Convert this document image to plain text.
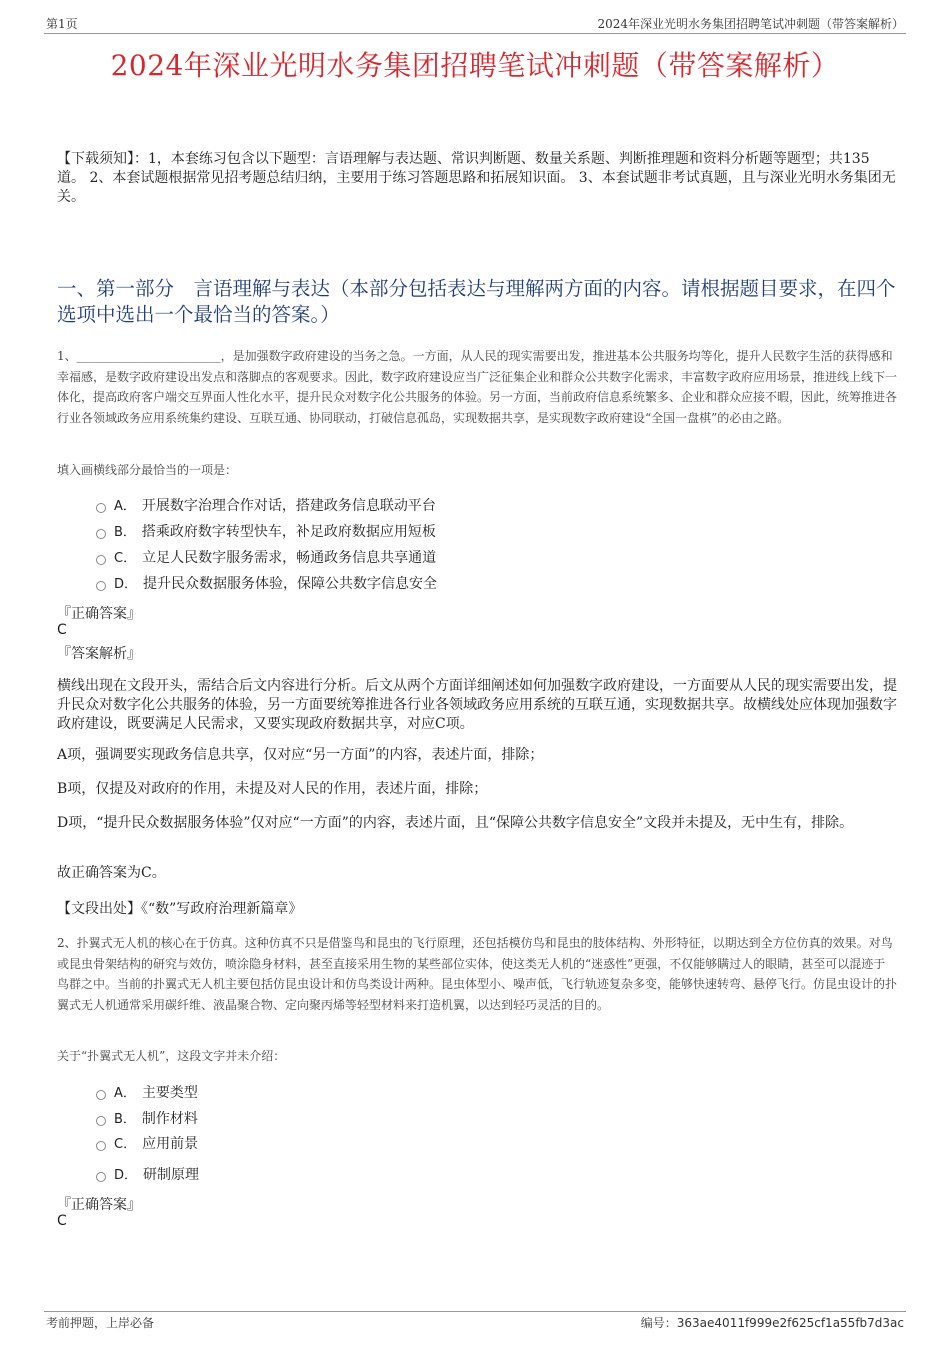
第1页	2024年深业光明水务集团招聘笔试冲刺题（带答案解析）
2024年深业光明水务集团招聘笔试冲刺题（带答案解析）
【下载须知】：1，本套练习包含以下题型：言语理解与表达题、常识判断题、数量关系题、判断推理题和资料分析题等题型；共135道。 2、本套试题根据常见招考题总结归纳，主要用于练习答题思路和拓展知识面。 3、本套试题非考试真题，且与深业光明水务集团无关。
一、第一部分　言语理解与表达（本部分包括表达与理解两方面的内容。请根据题目要求，在四个选项中选出一个最恰当的答案。）
1、________________________，是加强数字政府建设的当务之急。一方面，从人民的现实需要出发，推进基本公共服务均等化，提升人民数字生活的获得感和幸福感，是数字政府建设出发点和落脚点的客观要求。因此，数字政府建设应当广泛征集企业和群众公共数字化需求，丰富数字政府应用场景，推进线上线下一体化，提高政府客户端交互界面人性化水平，提升民众对数字化公共服务的体验。另一方面，当前政府信息系统繁多、企业和群众应接不暇，因此，统筹推进各行业各领域政务应用系统集约建设、互联互通、协同联动，打破信息孤岛，实现数据共享，是实现数字政府建设“全国一盘棋”的必由之路。
填入画横线部分最恰当的一项是：
A． 开展数字治理合作对话，搭建政务信息联动平台
B． 搭乘政府数字转型快车，补足政府数据应用短板
C． 立足人民数字服务需求，畅通政务信息共享通道
D． 提升民众数据服务体验，保障公共数字信息安全
『正确答案』
C
『答案解析』
横线出现在文段开头，需结合后文内容进行分析。后文从两个方面详细阐述如何加强数字政府建设，一方面要从人民的现实需要出发，提升民众对数字化公共服务的体验，另一方面要统筹推进各行业各领域政务应用系统的互联互通，实现数据共享。故横线处应体现加强数字政府建设，既要满足人民需求，又要实现政府数据共享，对应C项。
A项，强调要实现政务信息共享，仅对应“另一方面”的内容，表述片面，排除；
B项，仅提及对政府的作用，未提及对人民的作用，表述片面，排除；
D项，“提升民众数据服务体验”仅对应“一方面”的内容，表述片面，且“保障公共数字信息安全”文段并未提及，无中生有，排除。
故正确答案为C。
【文段出处】《“数”写政府治理新篇章》
2、扑翼式无人机的核心在于仿真。这种仿真不只是借鉴鸟和昆虫的飞行原理，还包括模仿鸟和昆虫的肢体结构、外形特征，以期达到全方位仿真的效果。对鸟或昆虫骨架结构的研究与效仿，喷涂隐身材料，甚至直接采用生物的某些部位实体，使这类无人机的“迷惑性”更强，不仅能够瞒过人的眼睛，甚至可以混迹于鸟群之中。当前的扑翼式无人机主要包括仿昆虫设计和仿鸟类设计两种。昆虫体型小、噪声低，飞行轨迹复杂多变，能够快速转弯、悬停飞行。仿昆虫设计的扑翼式无人机通常采用碳纤维、液晶聚合物、定向聚丙烯等轻型材料来打造机翼，以达到轻巧灵活的目的。
关于“扑翼式无人机”，这段文字并未介绍：
A． 主要类型
B． 制作材料
C． 应用前景
D． 研制原理
『正确答案』
C
考前押题，上岸必备	编号：363ae4011f999e2f625cf1a55fb7d3ac
